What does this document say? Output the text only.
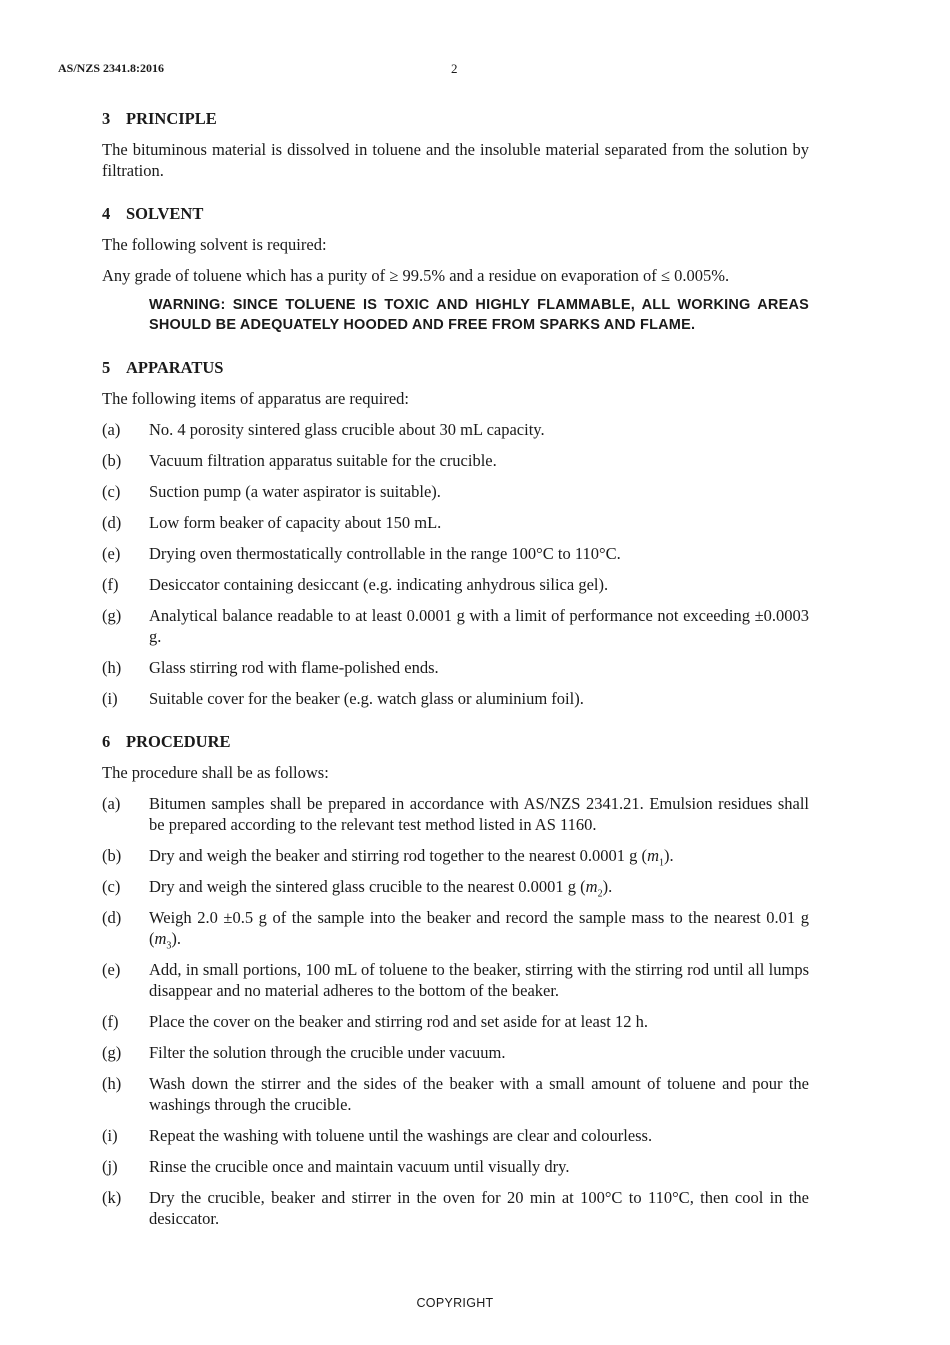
AS/NZS 2341.8:2016	2
3 PRINCIPLE
The bituminous material is dissolved in toluene and the insoluble material separated from the solution by filtration.
4 SOLVENT
The following solvent is required:
Any grade of toluene which has a purity of ≥ 99.5% and a residue on evaporation of ≤ 0.005%.
WARNING: SINCE TOLUENE IS TOXIC AND HIGHLY FLAMMABLE, ALL WORKING AREAS SHOULD BE ADEQUATELY HOODED AND FREE FROM SPARKS AND FLAME.
5 APPARATUS
The following items of apparatus are required:
(a)	No. 4 porosity sintered glass crucible about 30 mL capacity.
(b)	Vacuum filtration apparatus suitable for the crucible.
(c)	Suction pump (a water aspirator is suitable).
(d)	Low form beaker of capacity about 150 mL.
(e)	Drying oven thermostatically controllable in the range 100°C to 110°C.
(f)	Desiccator containing desiccant (e.g. indicating anhydrous silica gel).
(g)	Analytical balance readable to at least 0.0001 g with a limit of performance not exceeding ±0.0003 g.
(h)	Glass stirring rod with flame-polished ends.
(i)	Suitable cover for the beaker (e.g. watch glass or aluminium foil).
6 PROCEDURE
The procedure shall be as follows:
(a)	Bitumen samples shall be prepared in accordance with AS/NZS 2341.21. Emulsion residues shall be prepared according to the relevant test method listed in AS 1160.
(b)	Dry and weigh the beaker and stirring rod together to the nearest 0.0001 g $(m_1)$.
(c)	Dry and weigh the sintered glass crucible to the nearest 0.0001 g $(m_2)$.
(d)	Weigh 2.0 ±0.5 g of the sample into the beaker and record the sample mass to the nearest 0.01 g $(m_3)$.
(e)	Add, in small portions, 100 mL of toluene to the beaker, stirring with the stirring rod until all lumps disappear and no material adheres to the bottom of the beaker.
(f)	Place the cover on the beaker and stirring rod and set aside for at least 12 h.
(g)	Filter the solution through the crucible under vacuum.
(h)	Wash down the stirrer and the sides of the beaker with a small amount of toluene and pour the washings through the crucible.
(i)	Repeat the washing with toluene until the washings are clear and colourless.
(j)	Rinse the crucible once and maintain vacuum until visually dry.
(k)	Dry the crucible, beaker and stirrer in the oven for 20 min at 100°C to 110°C, then cool in the desiccator.
COPYRIGHT
